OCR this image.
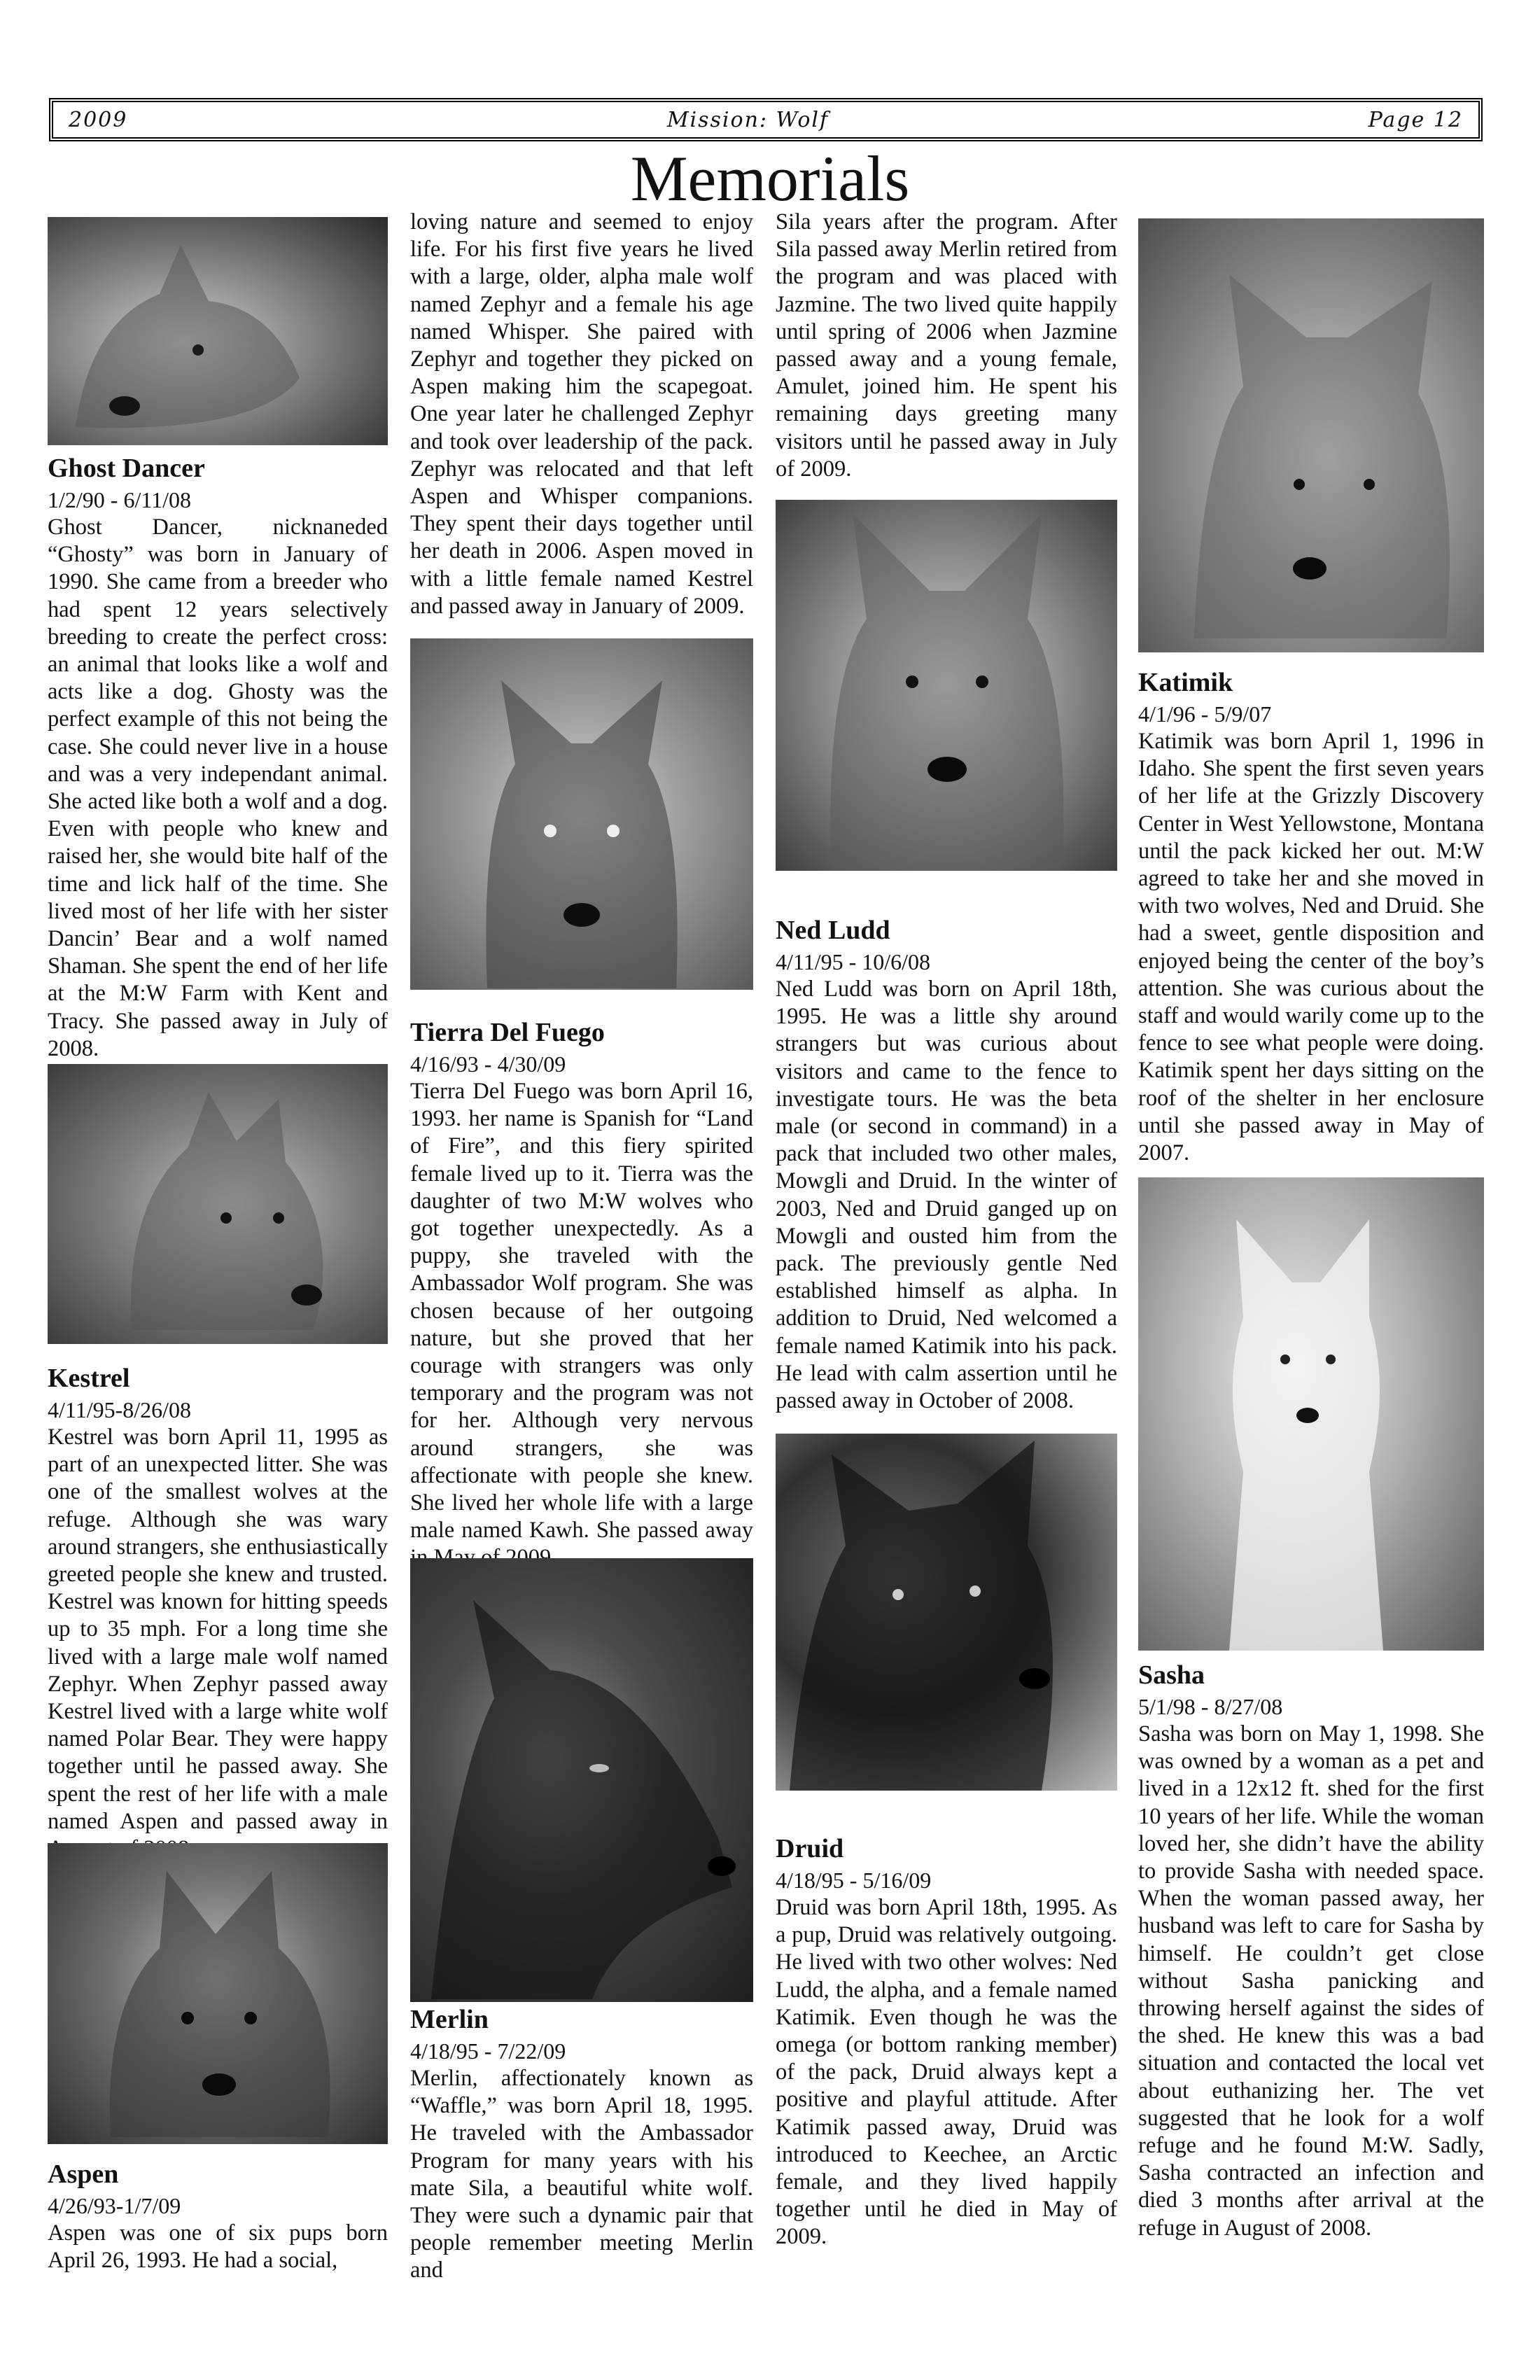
2009	Mission: Wolf	Page 12
Memorials
Ghost Dancer
1/2/90 - 6/11/08

Ghost Dancer, nicknaneded “Ghosty” was born in January of 1990. She came from a breeder who had spent 12 years selectively breeding to create the perfect cross: an animal that looks like a wolf and acts like a dog. Ghosty was the perfect example of this not being the case. She could never live in a house and was a very independant animal. She acted like both a wolf and a dog. Even with people who knew and raised her, she would bite half of the time and lick half of the time. She lived most of her life with her sister Dancin’ Bear and a wolf named Shaman. She spent the end of her life at the M:W Farm with Kent and Tracy. She passed away in July of 2008.

Kestrel
4/11/95-8/26/08

Kestrel was born April 11, 1995 as part of an unexpected litter. She was one of the smallest wolves at the refuge. Although she was wary around strangers, she enthusiastically greeted people she knew and trusted. Kestrel was known for hitting speeds up to 35 mph. For a long time she lived with a large male wolf named Zephyr. When Zephyr passed away Kestrel lived with a large white wolf named Polar Bear. They were happy together until he passed away. She spent the rest of her life with a male named Aspen and passed away in

Aspen
4/26/93-1/7/09

Aspen was one of six pups born April 26, 1993. He had a social,

loving nature and seemed to enjoy life. For his first five years he lived with a large, older, alpha male wolf named Zephyr and a female his age named Whisper. She paired with Zephyr and together they picked on Aspen making him the scapegoat. One year later he challenged Zephyr and took over leadership of the pack. Zephyr was relocated and that left Aspen and Whisper companions. They spent their days together until her death in 2006. Aspen moved in with a little female named Kestrel and passed away in January of 2009.

Tierra Del Fuego
4/16/93 - 4/30/09

Tierra Del Fuego was born April 16, 1993. her name is Spanish for “Land of Fire”, and this fiery spirited female lived up to it. Tierra was the daughter of two M:W wolves who got together unexpectedly. As a puppy, she traveled with the Ambassador Wolf program. She was chosen because of her outgoing nature, but she proved that her courage with strangers was only temporary and the program was not for her. Although very nervous around strangers, she was affectionate with people she knew. She lived her whole life with a large male named Kawh. She passed away

Merlin
4/18/95 - 7/22/09

Merlin, affectionately known as “Waffle,” was born April 18, 1995. He traveled with the Ambassador Program for many years with his mate Sila, a beautiful white wolf. They were such a dynamic pair that people remember meeting Merlin and

Sila years after the program. After Sila passed away Merlin retired from the program and was placed with Jazmine. The two lived quite happily until spring of 2006 when Jazmine passed away and a young female, Amulet, joined him. He spent his remaining days greeting many visitors until he passed away in July of 2009.

Ned Ludd
4/11/95 - 10/6/08

Ned Ludd was born on April 18th, 1995. He was a little shy around strangers but was curious about visitors and came to the fence to investigate tours. He was the beta male (or second in command) in a pack that included two other males, Mowgli and Druid. In the winter of 2003, Ned and Druid ganged up on Mowgli and ousted him from the pack. The previously gentle Ned established himself as alpha. In addition to Druid, Ned welcomed a female named Katimik into his pack. He lead with calm assertion until he passed away in October of 2008.

Druid
4/18/95 - 5/16/09

Druid was born April 18th, 1995. As a pup, Druid was relatively outgoing. He lived with two other wolves: Ned Ludd, the alpha, and a female named Katimik. Even though he was the omega (or bottom ranking member) of the pack, Druid always kept a positive and playful attitude. After Katimik passed away, Druid was introduced to Keechee, an Arctic female, and they lived happily together until he died in May of 2009.

Katimik
4/1/96 - 5/9/07

Katimik was born April 1, 1996 in Idaho. She spent the first seven years of her life at the Grizzly Discovery Center in West Yellowstone, Montana until the pack kicked her out. M:W agreed to take her and she moved in with two wolves, Ned and Druid. She had a sweet, gentle disposition and enjoyed being the center of the boy’s attention. She was curious about the staff and would warily come up to the fence to see what people were doing. Katimik spent her days sitting on the roof of the shelter in her enclosure until she passed away in May of 2007.

Sasha
5/1/98 - 8/27/08

Sasha was born on May 1, 1998. She was owned by a woman as a pet and lived in a 12x12 ft. shed for the first 10 years of her life. While the woman loved her, she didn’t have the ability to provide Sasha with needed space. When the woman passed away, her husband was left to care for Sasha by himself. He couldn’t get close without Sasha panicking and throwing herself against the sides of the shed. He knew this was a bad situation and contacted the local vet about euthanizing her. The vet suggested that he look for a wolf refuge and he found M:W. Sadly, Sasha contracted an infection and died 3 months after arrival at the refuge in August of 2008.
